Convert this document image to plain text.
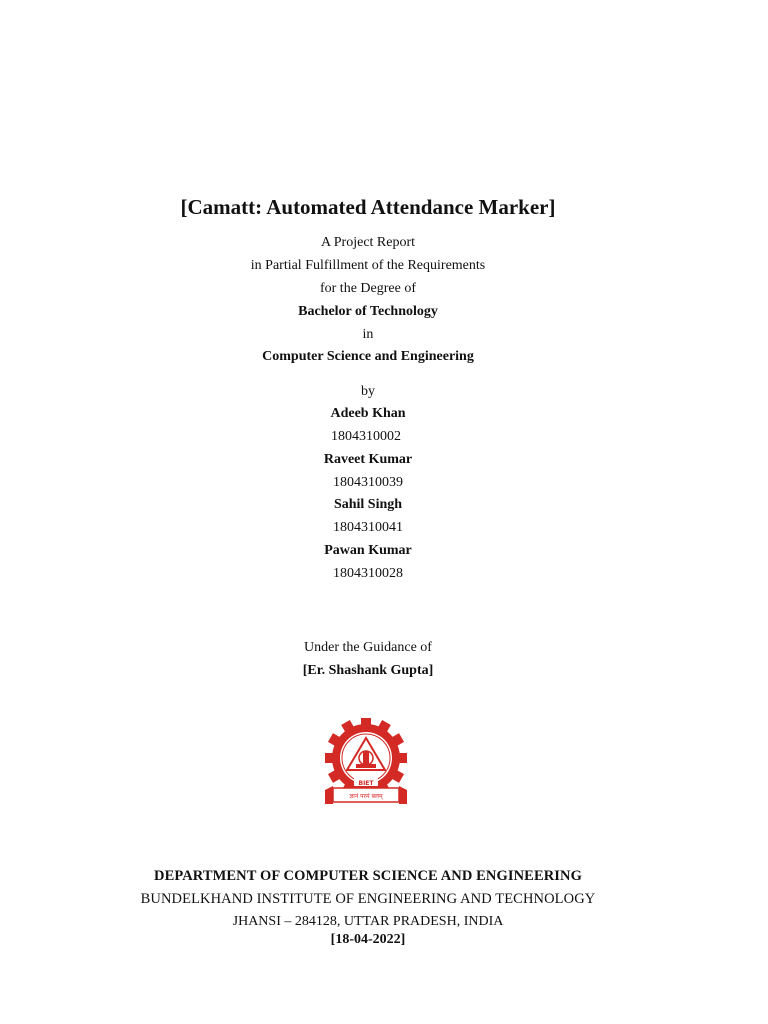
[Camatt: Automated Attendance Marker]
A Project Report
in Partial Fulfillment of the Requirements
for the Degree of
Bachelor of Technology
in
Computer Science and Engineering
by
Adeeb Khan
1804310002
Raveet Kumar
1804310039
Sahil Singh
1804310041
Pawan Kumar
1804310028
Under the Guidance of
[Er. Shashank Gupta]
BIET
ज्ञानं परमं बलम्
DEPARTMENT OF COMPUTER SCIENCE AND ENGINEERING
BUNDELKHAND INSTITUTE OF ENGINEERING AND TECHNOLOGY
JHANSI – 284128, UTTAR PRADESH, INDIA
[18-04-2022]
